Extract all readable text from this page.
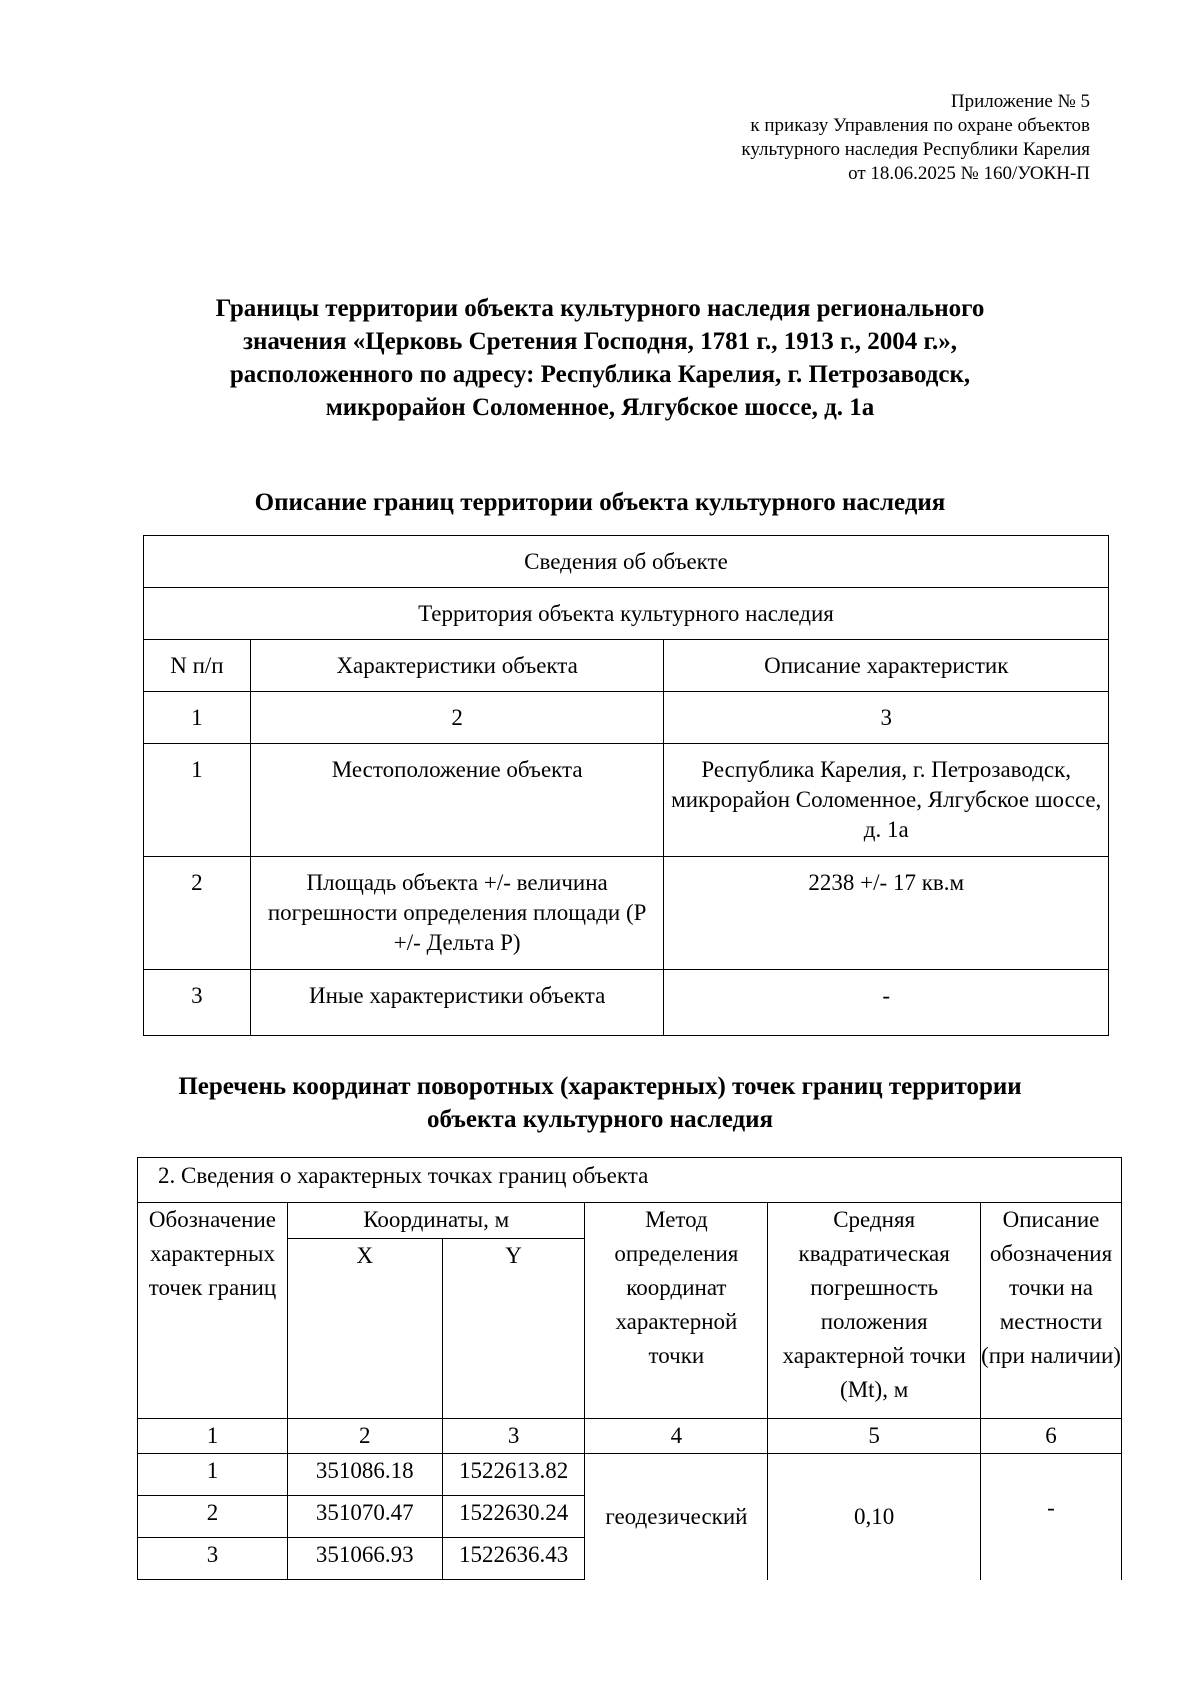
Приложение № 5
к приказу Управления по охране объектов
культурного наследия Республики Карелия
от 18.06.2025 № 160/УОКН-П
Границы территории объекта культурного наследия регионального
значения «Церковь Сретения Господня, 1781 г., 1913 г., 2004 г.»,
расположенного по адресу: Республика Карелия, г. Петрозаводск,
микрорайон Соломенное, Ялгубское шоссе, д. 1а
Описание границ территории объекта культурного наследия
Сведения об объекте		
Территория объекта культурного наследия		
N п/п	Характеристики объекта	Описание характеристик
1	2	3
1	Местоположение объекта	Республика Карелия, г. Петрозаводск, микрорайон Соломенное, Ялгубское шоссе, д. 1а
2	Площадь объекта +/- величина погрешности определения площади (P +/- Дельта P)	2238 +/- 17 кв.м
3	Иные характеристики объекта	-
Перечень координат поворотных (характерных) точек границ территории
объекта культурного наследия
2. Сведения о характерных точках границ объекта					
Обозначение характерных точек границ	Координаты, м		Метод определения координат характерной точки	Средняя квадратическая погрешность положения характерной точки (Mt), м	Описание обозначения точки на местности (при наличии)
	X	Y			
1	2	3	4	5	6
1	351086.18	1522613.82	геодезический	0,10	-
2	351070.47	1522630.24			
3	351066.93	1522636.43			
